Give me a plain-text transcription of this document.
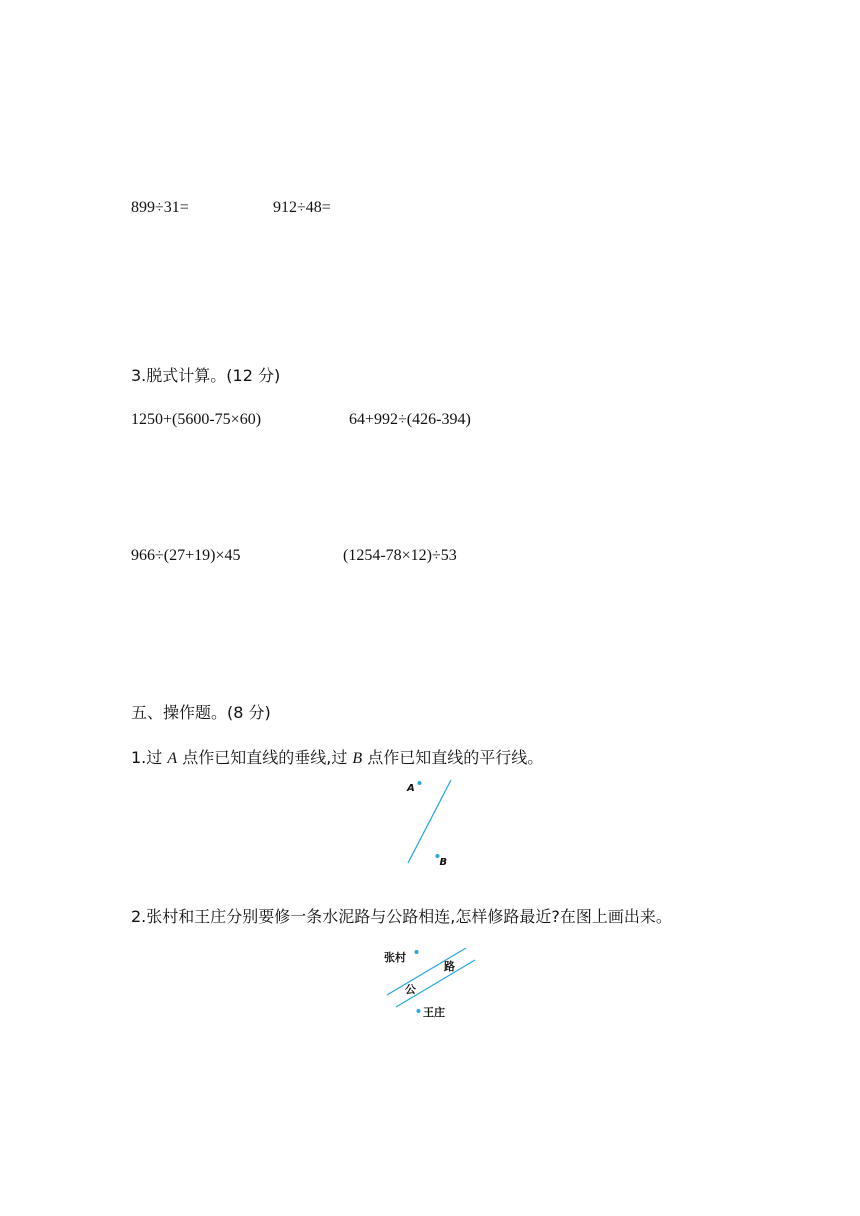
899÷31=	912÷48=
3.脱式计算。(12 分)
1250+(5600-75×60)	64+992÷(426-394)
966÷(27+19)×45	(1254-78×12)÷53
五、操作题。(8 分)
1.过 A 点作已知直线的垂线,过 B 点作已知直线的平行线。
A
B
2.张村和王庄分别要修一条水泥路与公路相连,怎样修路最近?在图上画出来。
张村
路
公
王庄
